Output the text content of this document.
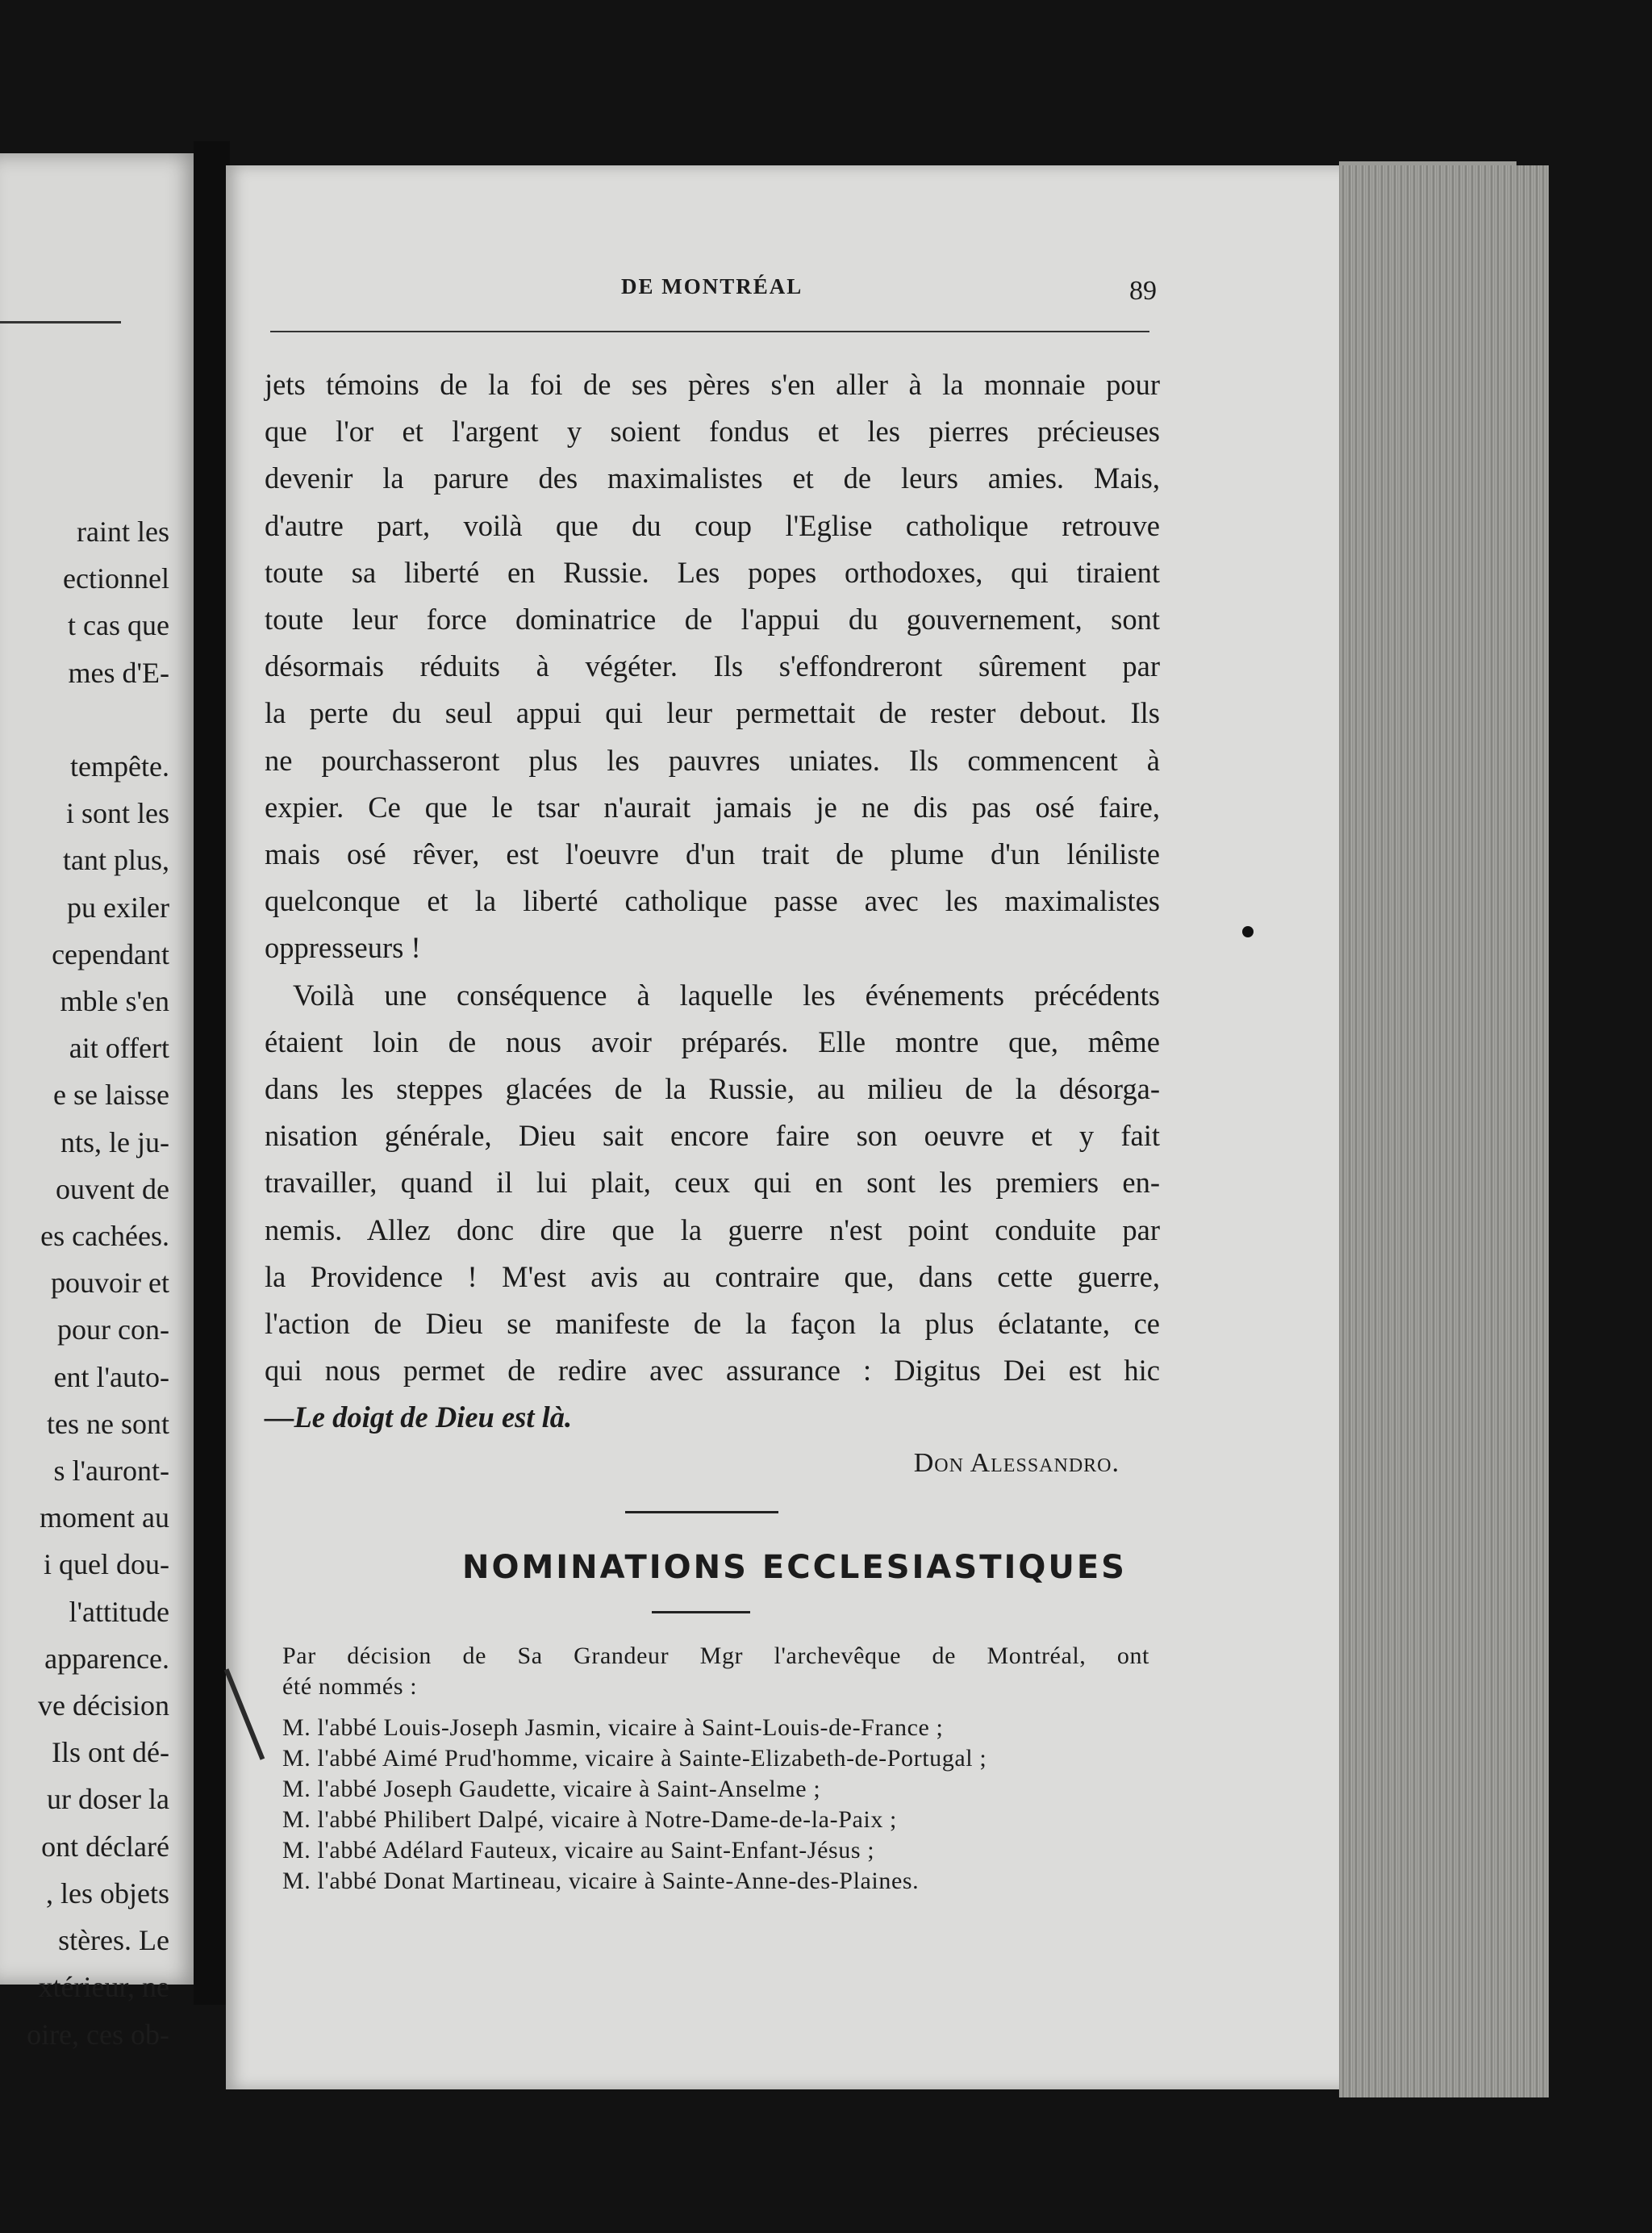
raint les
ectionnel
t cas que
mes d'E-

tempête.
i sont les
tant plus,
pu exiler
cependant
mble s'en
ait offert
e se laisse
nts, le ju-
ouvent de
es cachées.
pouvoir et
pour con-
ent l'auto-
tes ne sont
s l'auront-
moment au
i quel dou-
l'attitude
apparence.
ve décision
Ils ont dé-
ur doser la
ont déclaré
, les objets
stères. Le
xtérieur, ne
oire, ces ob-
DE MONTRÉAL	89
jets témoins de la foi de ses pères s'en aller à la monnaie pour
que l'or et l'argent y soient fondus et les pierres précieuses
devenir la parure des maximalistes et de leurs amies. Mais,
d'autre part, voilà que du coup l'Eglise catholique retrouve
toute sa liberté en Russie. Les popes orthodoxes, qui tiraient
toute leur force dominatrice de l'appui du gouvernement, sont
désormais réduits à végéter. Ils s'effondreront sûrement par
la perte du seul appui qui leur permettait de rester debout. Ils
ne pourchasseront plus les pauvres uniates. Ils commencent à
expier. Ce que le tsar n'aurait jamais je ne dis pas osé faire,
mais osé rêver, est l'oeuvre d'un trait de plume d'un léniliste
quelconque et la liberté catholique passe avec les maximalistes
oppresseurs !
Voilà une conséquence à laquelle les événements précédents
étaient loin de nous avoir préparés. Elle montre que, même
dans les steppes glacées de la Russie, au milieu de la désorga-
nisation générale, Dieu sait encore faire son oeuvre et y fait
travailler, quand il lui plait, ceux qui en sont les premiers en-
nemis. Allez donc dire que la guerre n'est point conduite par
la Providence ! M'est avis au contraire que, dans cette guerre,
l'action de Dieu se manifeste de la façon la plus éclatante, ce
qui nous permet de redire avec assurance : Digitus Dei est hic
—Le doigt de Dieu est là.
Don Alessandro.
NOMINATIONS ECCLESIASTIQUES
Par décision de Sa Grandeur Mgr l'archevêque de Montréal, ont
été nommés :
M. l'abbé Louis-Joseph Jasmin, vicaire à Saint-Louis-de-France ;
M. l'abbé Aimé Prud'homme, vicaire à Sainte-Elizabeth-de-Portugal ;
M. l'abbé Joseph Gaudette, vicaire à Saint-Anselme ;
M. l'abbé Philibert Dalpé, vicaire à Notre-Dame-de-la-Paix ;
M. l'abbé Adélard Fauteux, vicaire au Saint-Enfant-Jésus ;
M. l'abbé Donat Martineau, vicaire à Sainte-Anne-des-Plaines.
